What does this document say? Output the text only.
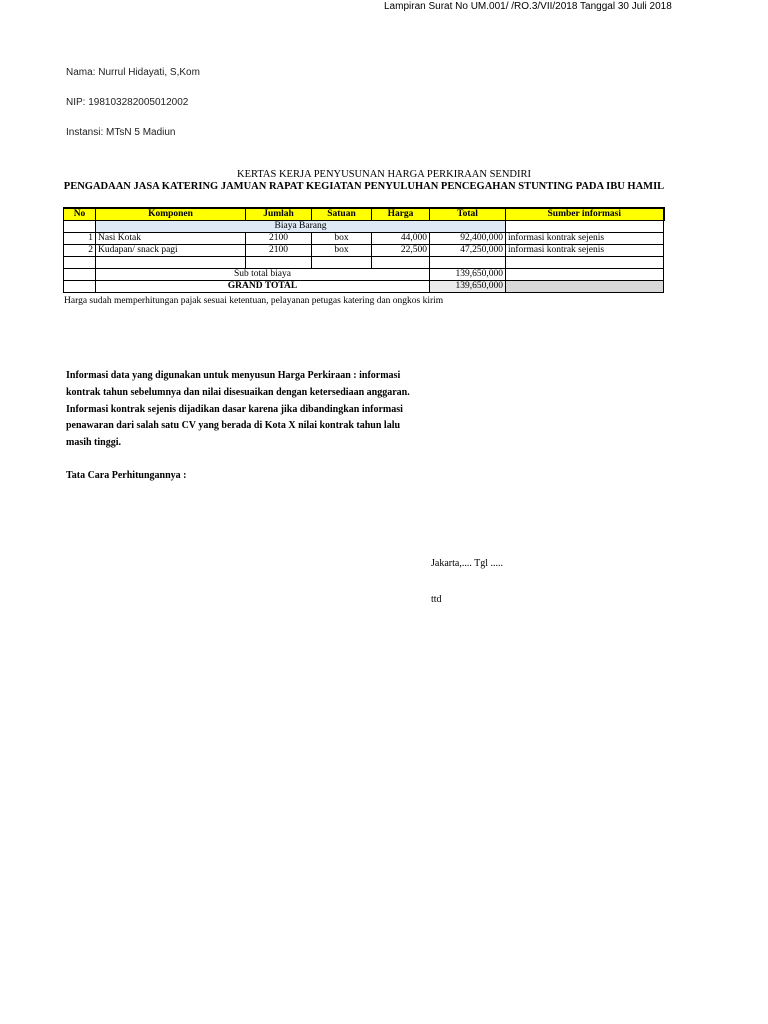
Lampiran Surat No UM.001/ /RO.3/VII/2018 Tanggal 30 Juli 2018
Nama: Nurrul Hidayati, S,Kom
NIP: 198103282005012002
Instansi: MTsN 5 Madiun
KERTAS KERJA PENYUSUNAN HARGA PERKIRAAN SENDIRI
PENGADAAN JASA KATERING JAMUAN RAPAT KEGIATAN PENYULUHAN PENCEGAHAN STUNTING PADA IBU HAMIL
No	Komponen	Jumlah	Satuan	Harga	Total	Sumber informasi
	Biaya Barang					
1	Nasi Kotak	2100	box	44,000	92,400,000	informasi kontrak sejenis
2	Kudapan/ snack pagi	2100	box	22,500	47,250,000	informasi kontrak sejenis

	Sub total biaya				139,650,000	
	GRAND TOTAL				139,650,000	
Harga sudah memperhitungan pajak sesuai ketentuan, pelayanan petugas katering dan ongkos kirim
Informasi data yang digunakan untuk menyusun Harga Perkiraan : informasi kontrak tahun sebelumnya dan nilai disesuaikan dengan ketersediaan anggaran. Informasi kontrak sejenis dijadikan dasar karena jika dibandingkan informasi penawaran dari salah satu CV yang berada di Kota X nilai kontrak tahun lalu masih tinggi.
Tata Cara Perhitungannya :
Jakarta,.... Tgl .....
ttd
